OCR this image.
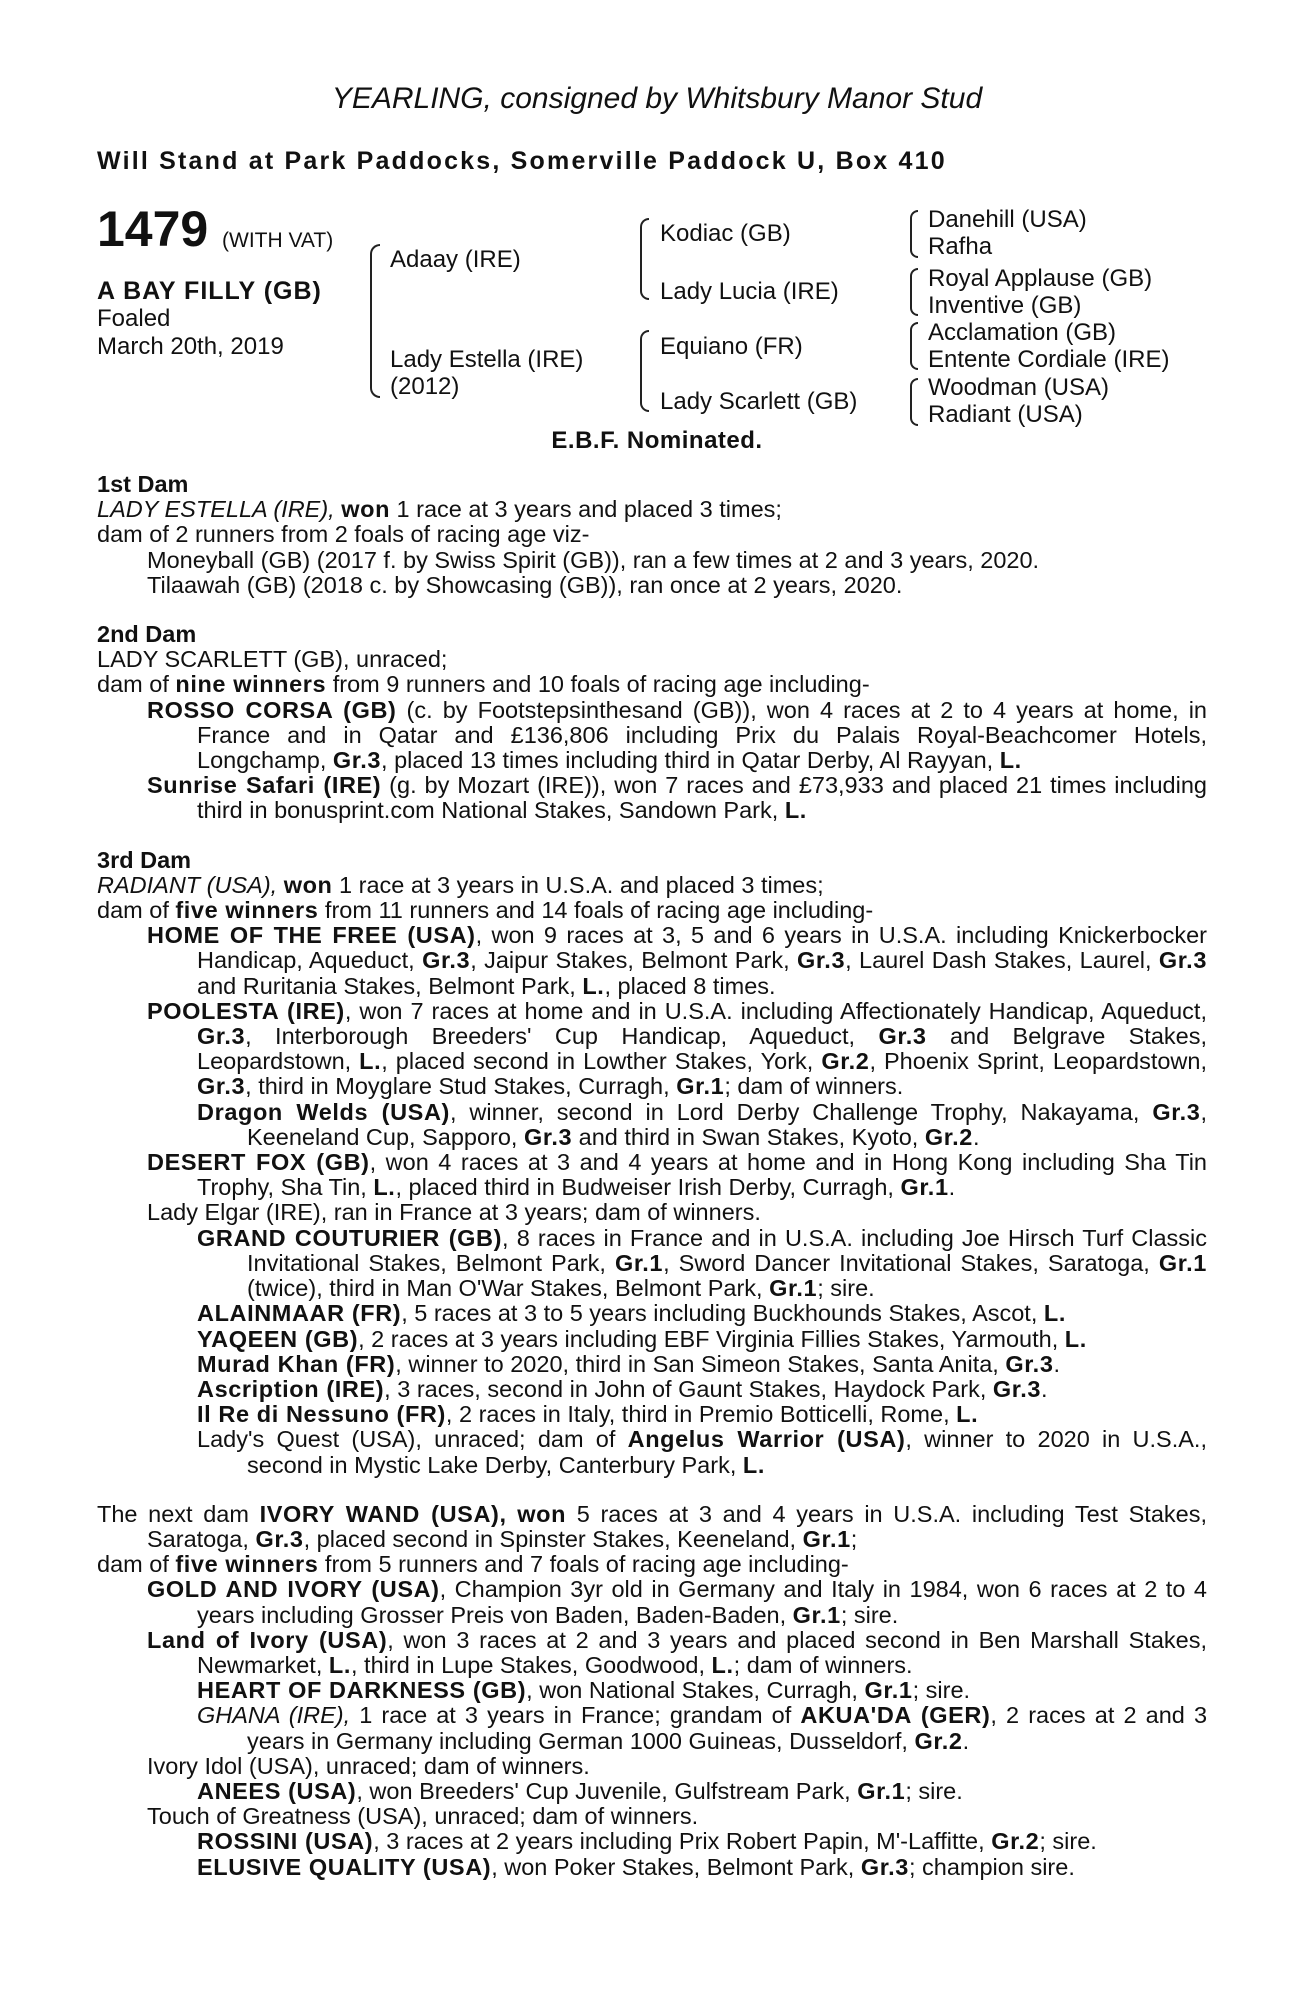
YEARLING, consigned by Whitsbury Manor Stud
Will Stand at Park Paddocks, Somerville Paddock U, Box 410
1479 (WITH VAT)
A BAY FILLY (GB)
Foaled
March 20th, 2019
Adaay (IRE)
Lady Estella (IRE)
(2012)
Kodiac (GB)
Lady Lucia (IRE)
Equiano (FR)
Lady Scarlett (GB)
Danehill (USA)
Rafha
Royal Applause (GB)
Inventive (GB)
Acclamation (GB)
Entente Cordiale (IRE)
Woodman (USA)
Radiant (USA)
E.B.F. Nominated.
1st Dam
LADY ESTELLA (IRE), won 1 race at 3 years and placed 3 times;
dam of 2 runners from 2 foals of racing age viz-
Moneyball (GB) (2017 f. by Swiss Spirit (GB)), ran a few times at 2 and 3 years, 2020.
Tilaawah (GB) (2018 c. by Showcasing (GB)), ran once at 2 years, 2020.
2nd Dam
LADY SCARLETT (GB), unraced;
dam of nine winners from 9 runners and 10 foals of racing age including-
ROSSO CORSA (GB) (c. by Footstepsinthesand (GB)), won 4 races at 2 to 4 years at home, in France and in Qatar and £136,806 including Prix du Palais Royal-Beachcomer Hotels, Longchamp, Gr.3, placed 13 times including third in Qatar Derby, Al Rayyan, L.
Sunrise Safari (IRE) (g. by Mozart (IRE)), won 7 races and £73,933 and placed 21 times including third in bonusprint.com National Stakes, Sandown Park, L.
3rd Dam
RADIANT (USA), won 1 race at 3 years in U.S.A. and placed 3 times;
dam of five winners from 11 runners and 14 foals of racing age including-
HOME OF THE FREE (USA), won 9 races at 3, 5 and 6 years in U.S.A. including Knickerbocker Handicap, Aqueduct, Gr.3, Jaipur Stakes, Belmont Park, Gr.3, Laurel Dash Stakes, Laurel, Gr.3 and Ruritania Stakes, Belmont Park, L., placed 8 times.
POOLESTA (IRE), won 7 races at home and in U.S.A. including Affectionately Handicap, Aqueduct, Gr.3, Interborough Breeders' Cup Handicap, Aqueduct, Gr.3 and Belgrave Stakes, Leopardstown, L., placed second in Lowther Stakes, York, Gr.2, Phoenix Sprint, Leopardstown, Gr.3, third in Moyglare Stud Stakes, Curragh, Gr.1; dam of winners.
Dragon Welds (USA), winner, second in Lord Derby Challenge Trophy, Nakayama, Gr.3, Keeneland Cup, Sapporo, Gr.3 and third in Swan Stakes, Kyoto, Gr.2.
DESERT FOX (GB), won 4 races at 3 and 4 years at home and in Hong Kong including Sha Tin Trophy, Sha Tin, L., placed third in Budweiser Irish Derby, Curragh, Gr.1.
Lady Elgar (IRE), ran in France at 3 years; dam of winners.
GRAND COUTURIER (GB), 8 races in France and in U.S.A. including Joe Hirsch Turf Classic Invitational Stakes, Belmont Park, Gr.1, Sword Dancer Invitational Stakes, Saratoga, Gr.1 (twice), third in Man O'War Stakes, Belmont Park, Gr.1; sire.
ALAINMAAR (FR), 5 races at 3 to 5 years including Buckhounds Stakes, Ascot, L.
YAQEEN (GB), 2 races at 3 years including EBF Virginia Fillies Stakes, Yarmouth, L.
Murad Khan (FR), winner to 2020, third in San Simeon Stakes, Santa Anita, Gr.3.
Ascription (IRE), 3 races, second in John of Gaunt Stakes, Haydock Park, Gr.3.
Il Re di Nessuno (FR), 2 races in Italy, third in Premio Botticelli, Rome, L.
Lady's Quest (USA), unraced; dam of Angelus Warrior (USA), winner to 2020 in U.S.A., second in Mystic Lake Derby, Canterbury Park, L.
The next dam IVORY WAND (USA), won 5 races at 3 and 4 years in U.S.A. including Test Stakes, Saratoga, Gr.3, placed second in Spinster Stakes, Keeneland, Gr.1;
dam of five winners from 5 runners and 7 foals of racing age including-
GOLD AND IVORY (USA), Champion 3yr old in Germany and Italy in 1984, won 6 races at 2 to 4 years including Grosser Preis von Baden, Baden-Baden, Gr.1; sire.
Land of Ivory (USA), won 3 races at 2 and 3 years and placed second in Ben Marshall Stakes, Newmarket, L., third in Lupe Stakes, Goodwood, L.; dam of winners.
HEART OF DARKNESS (GB), won National Stakes, Curragh, Gr.1; sire.
GHANA (IRE), 1 race at 3 years in France; grandam of AKUA'DA (GER), 2 races at 2 and 3 years in Germany including German 1000 Guineas, Dusseldorf, Gr.2.
Ivory Idol (USA), unraced; dam of winners.
ANEES (USA), won Breeders' Cup Juvenile, Gulfstream Park, Gr.1; sire.
Touch of Greatness (USA), unraced; dam of winners.
ROSSINI (USA), 3 races at 2 years including Prix Robert Papin, M'-Laffitte, Gr.2; sire.
ELUSIVE QUALITY (USA), won Poker Stakes, Belmont Park, Gr.3; champion sire.
